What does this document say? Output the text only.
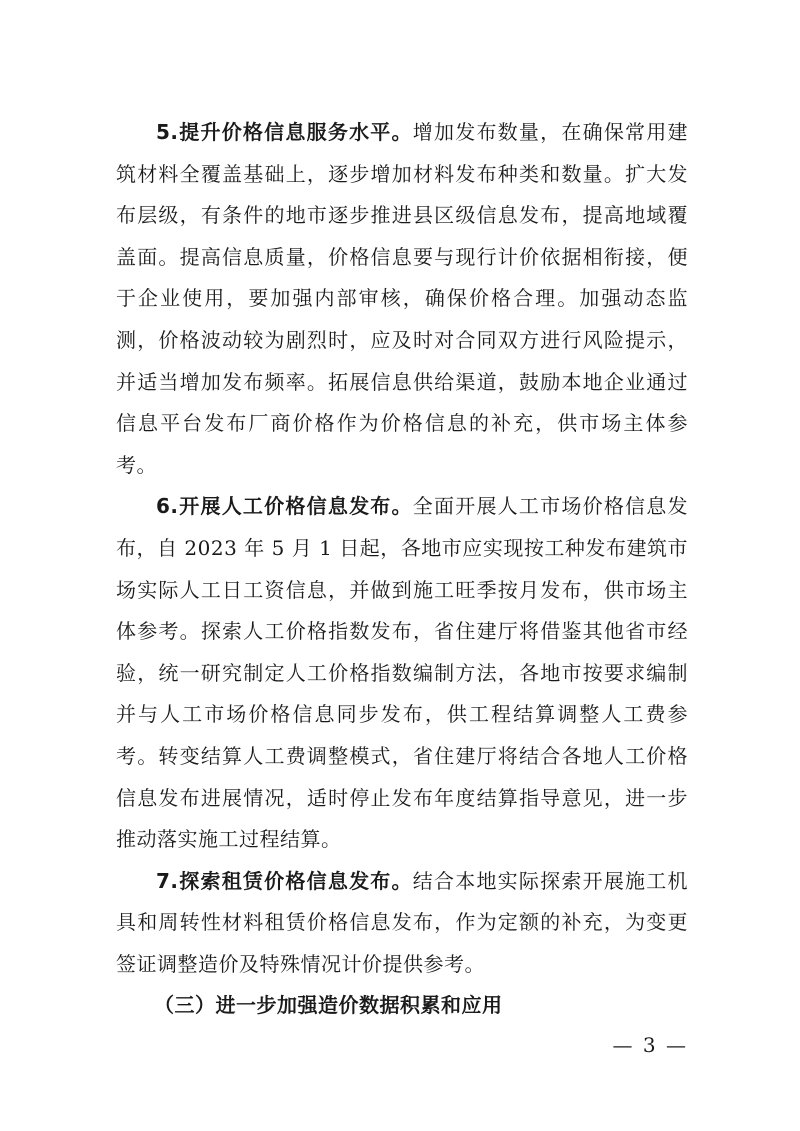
5.提升价格信息服务水平。增加发布数量，在确保常用建筑材料全覆盖基础上，逐步增加材料发布种类和数量。扩大发布层级，有条件的地市逐步推进县区级信息发布，提高地域覆盖面。提高信息质量，价格信息要与现行计价依据相衔接，便于企业使用，要加强内部审核，确保价格合理。加强动态监测，价格波动较为剧烈时，应及时对合同双方进行风险提示，并适当增加发布频率。拓展信息供给渠道，鼓励本地企业通过信息平台发布厂商价格作为价格信息的补充，供市场主体参考。

6.开展人工价格信息发布。全面开展人工市场价格信息发布，自 2023 年 5 月 1 日起，各地市应实现按工种发布建筑市场实际人工日工资信息，并做到施工旺季按月发布，供市场主体参考。探索人工价格指数发布，省住建厅将借鉴其他省市经验，统一研究制定人工价格指数编制方法，各地市按要求编制并与人工市场价格信息同步发布，供工程结算调整人工费参考。转变结算人工费调整模式，省住建厅将结合各地人工价格信息发布进展情况，适时停止发布年度结算指导意见，进一步推动落实施工过程结算。

7.探索租赁价格信息发布。结合本地实际探索开展施工机具和周转性材料租赁价格信息发布，作为定额的补充，为变更签证调整造价及特殊情况计价提供参考。

（三）进一步加强造价数据积累和应用

— 3 —
